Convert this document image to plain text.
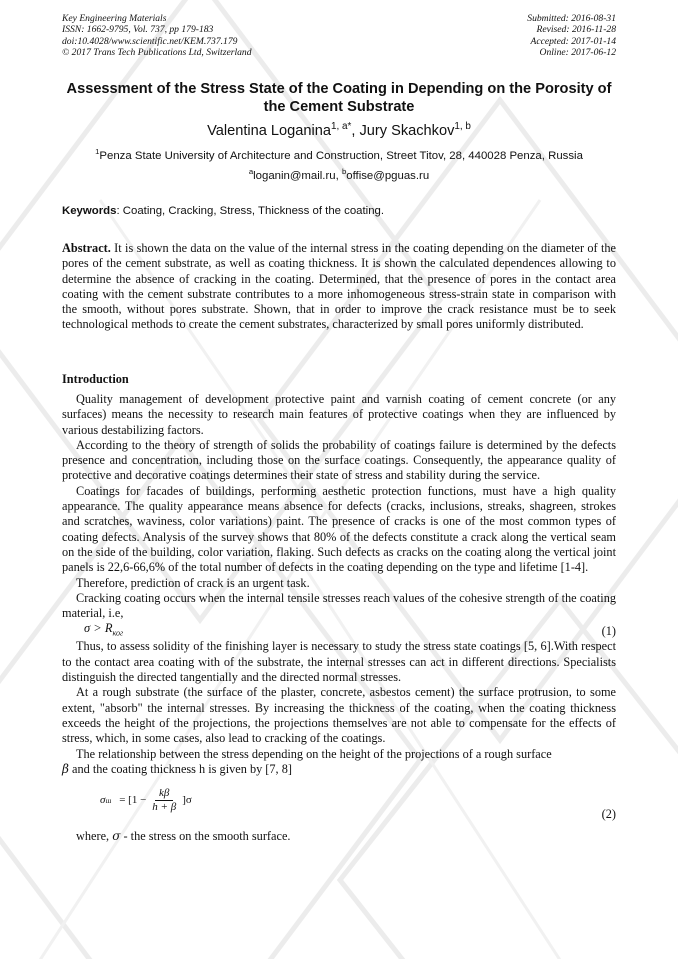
Key Engineering Materials
ISSN: 1662-9795, Vol. 737, pp 179-183
doi:10.4028/www.scientific.net/KEM.737.179
© 2017 Trans Tech Publications Ltd, Switzerland
Submitted: 2016-08-31
Revised: 2016-11-28
Accepted: 2017-01-14
Online: 2017-06-12
Assessment of the Stress State of the Coating in Depending on the Porosity of the Cement Substrate
Valentina Loganina$^{1, a*}$, Jury Skachkov$^{1, b}$
$^1$Penza State University of Architecture and Construction, Street Titov, 28, 440028 Penza, Russia
$^a$loganin@mail.ru, $^b$offise@pguas.ru
Keywords: Coating, Cracking, Stress, Thickness of the coating.
Abstract. It is shown the data on the value of the internal stress in the coating depending on the diameter of the pores of the cement substrate, as well as coating thickness. It is shown the calculated dependences allowing to determine the absence of cracking in the coating. Determined, that the presence of pores in the contact area coating with the cement substrate contributes to a more inhomogeneous stress-strain state in comparison with the smooth, without pores substrate. Shown, that in order to improve the crack resistance must be to seek technological methods to create the cement substrates, characterized by small pores uniformly distributed.
Introduction

Quality management of development protective paint and varnish coating of cement concrete (or any surfaces) means the necessity to research main features of protective coatings when they are influenced by various destabilizing factors.

According to the theory of strength of solids the probability of coatings failure is determined by the defects presence and concentration, including those on the surface coatings. Consequently, the appearance quality of protective and decorative coatings determines their state of stress and stability during the service.

Coatings for facades of buildings, performing aesthetic protection functions, must have a high quality appearance. The quality appearance means absence for defects (cracks, inclusions, streaks, shagreen, strokes and scratches, waviness, color variations) paint. The presence of cracks is one of the most common types of coating defects. Analysis of the survey shows that 80% of the defects constitute a crack along the vertical seam on the side of the building, color variation, flaking. Such defects as cracks on the coating along the vertical joint panels is 22,6-66,6% of the total number of defects in the coating depending on the type and lifetime [1-4].

Therefore, prediction of crack is an urgent task.

Cracking coating occurs when the internal tensile stresses reach values of the cohesive strength of the coating material, i.e,

$\sigma > R_{ког}$	(1)

Thus, to assess solidity of the finishing layer is necessary to study the stress state coatings [5, 6].With respect to the contact area coating with of the substrate, the internal stresses can act in different directions. Specialists distinguish the directed tangentially and the directed normal stresses.

At a rough substrate (the surface of the plaster, concrete, asbestos cement) the surface protrusion, to some extent, "absorb" the internal stresses. By increasing the thickness of the coating, when the coating thickness exceeds the height of the projections, the projections themselves are not able to compensate for the effects of stress, which, in some cases, also lead to cracking of the coatings.

The relationship between the stress depending on the height of the projections of a rough surface
β and the coating thickness h is given by [7, 8]

σ $ш = [1 - \frac{k\beta}{h + \beta} ]\sigma$
(2)

where, σ - the stress on the smooth surface.
